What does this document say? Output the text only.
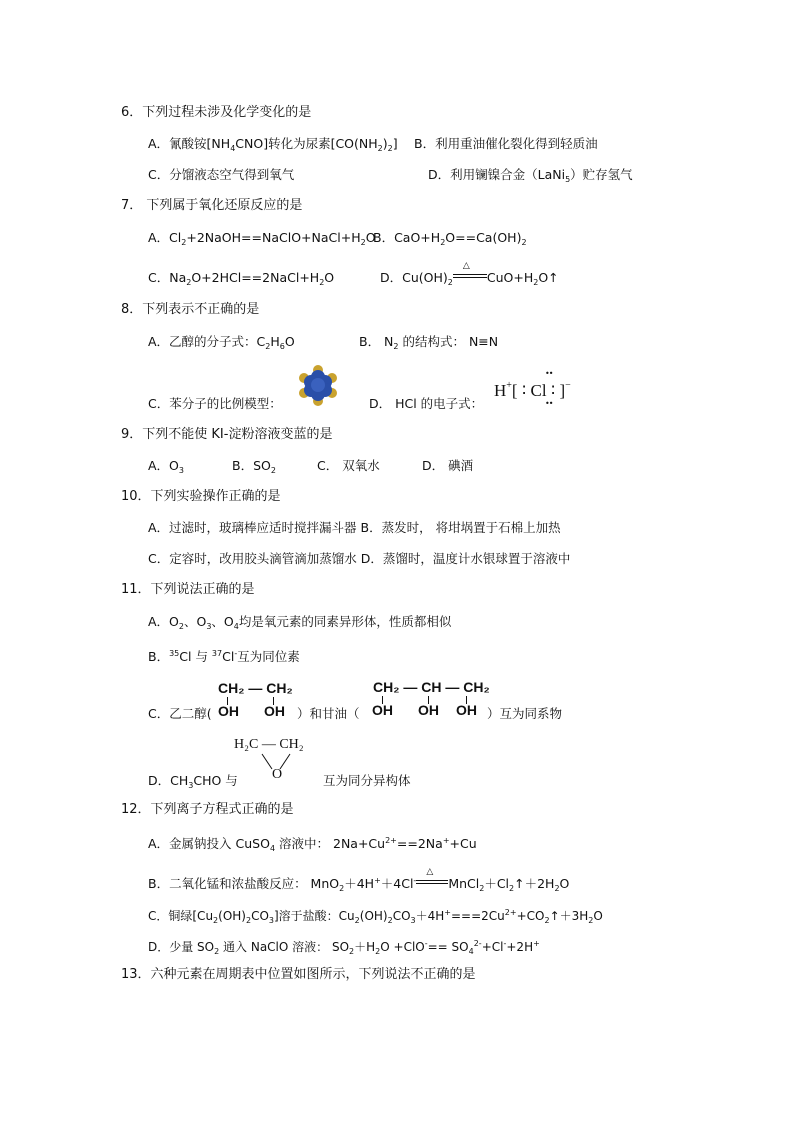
6．下列过程未涉及化学变化的是
A．氰酸铵$[NH_4CNO]$转化为尿素$[CO(NH_2)_2]$ B．利用重油催化裂化得到轻质油
C．分馏液态空气得到氧气	D．利用镧镍合金（LaNi$_5$）贮存氢气
7． 下列属于氧化还原反应的是
A．$Cl_2+2NaOH==NaClO+NaCl+H_2O$
B．$CaO+H_2O==Ca(OH)_2$
C．$Na_2O+2HCl==2NaCl+H_2O$	D．$Cu(OH)_2$
△
$CuO+H_2O↑$
8．下列表示不正确的是
A．乙醇的分子式：$C_2H_6O$	B． $N_2$ 的结构式： N≡N
C．苯分子的比例模型：	D． HCl 的电子式：
H+[ ∶ Cl ∶ ]−
••
••
9．下列不能使 KI-淀粉溶液变蓝的是
A．$O_3$	B．$SO_2$	C． 双氧水	D． 碘酒
10．下列实验操作正确的是
A．过滤时，玻璃棒应适时搅拌漏斗器 B．蒸发时， 将坩埚置于石棉上加热
C．定容时，改用胶头滴管滴加蒸馏水 D．蒸馏时，温度计水银球置于溶液中
11．下列说法正确的是
A．$O_2$、$O_3$、$O_4$均是氧元素的同素异形体，性质都相似
B．$^{35}$Cl 与 $^{37}$Cl-互为同位素
CH₂ — CH₂
OH OH
C．乙二醇(	）和甘油（
CH₂ — CH — CH₂
OH OH OH ）互为同系物
H₂C — CH₂
O
D．$CH_3CHO$ 与	互为同分异构体
12．下列离子方程式正确的是
A．金属钠投入 CuSO$_4$ 溶液中： $2Na+Cu^{2+}==2Na^++Cu$
B．二氧化锰和浓盐酸反应： MnO$_2$＋4H+＋4Cl-
△
$MnCl_2+Cl_2↑+2H_2O$
C．铜绿$[Cu_2(OH)_2CO_3]$溶于盐酸：$Cu_2(OH)_2CO_3+4H^+===2Cu^{2+}+CO_2↑+3H_2O$
D．少量 $SO_2$ 通入 NaClO 溶液： $SO_2+H_2O +ClO^-== SO_4^{2-}+Cl^-+2H^+$
13．六种元素在周期表中位置如图所示，下列说法不正确的是
